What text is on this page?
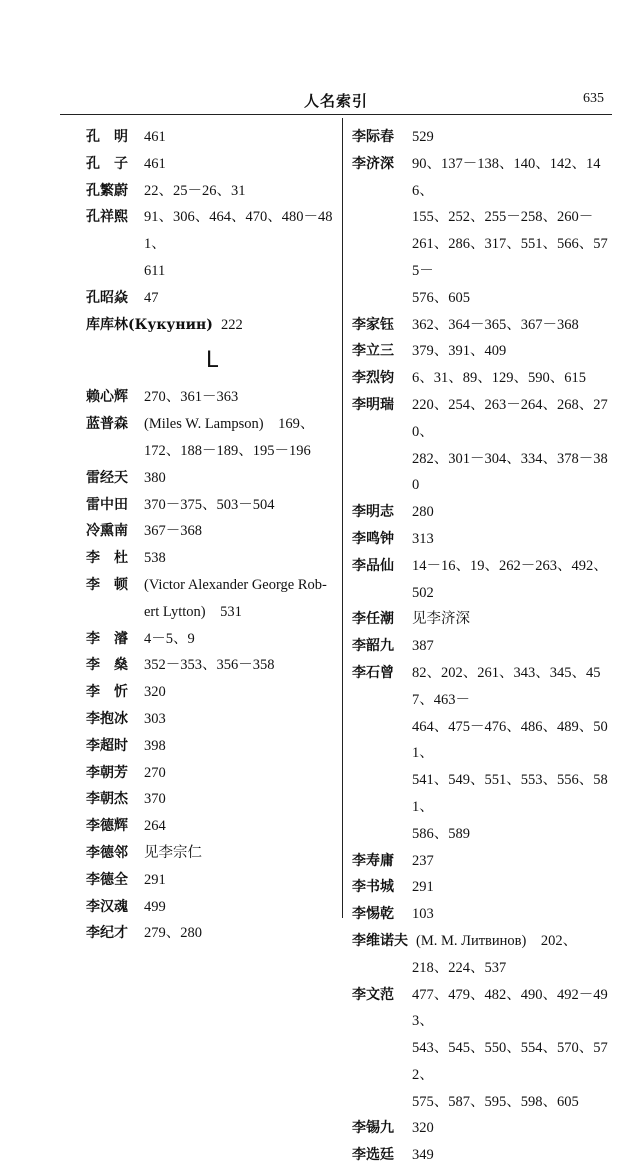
人名索引	635
孔　明 461
孔　子 461
孔繁蔚 22、25－26、31
孔祥熙 91、306、464、470、480－481、
611
孔昭焱 47
库库林(Кукунин) 222
L
赖心辉 270、361－363
蓝普森 (Miles W. Lampson)　169、
172、188－189、195－196
雷经天 380
雷中田 370－375、503－504
冷熏南 367－368
李　杜 538
李　顿 (Victor Alexander George Rob-
ert Lytton)　531
李　濬 4－5、9
李　燊 352－353、356－358
李　忻 320
李抱冰 303
李超时 398
李朝芳 270
李朝杰 370
李德辉 264
李德邻 见李宗仁
李德全 291
李汉魂 499
李纪才 279、280
李际春 529
李济深 90、137－138、140、142、146、
155、252、255－258、260－
261、286、317、551、566、575－
576、605
李家钰 362、364－365、367－368
李立三 379、391、409
李烈钧 6、31、89、129、590、615
李明瑞 220、254、263－264、268、270、
282、301－304、334、378－380
李明志 280
李鸣钟 313
李品仙 14－16、19、262－263、492、
502
李任潮 见李济深
李韶九 387
李石曾 82、202、261、343、345、457、463－
464、475－476、486、489、501、
541、549、551、553、556、581、
586、589
李寿庸 237
李书城 291
李惕乾 103
李维诺夫 (M. M. Литвинов)　202、
218、224、537
李文范 477、479、482、490、492－493、
543、545、550、554、570、572、
575、587、595、598、605
李锡九 320
李选廷 349
